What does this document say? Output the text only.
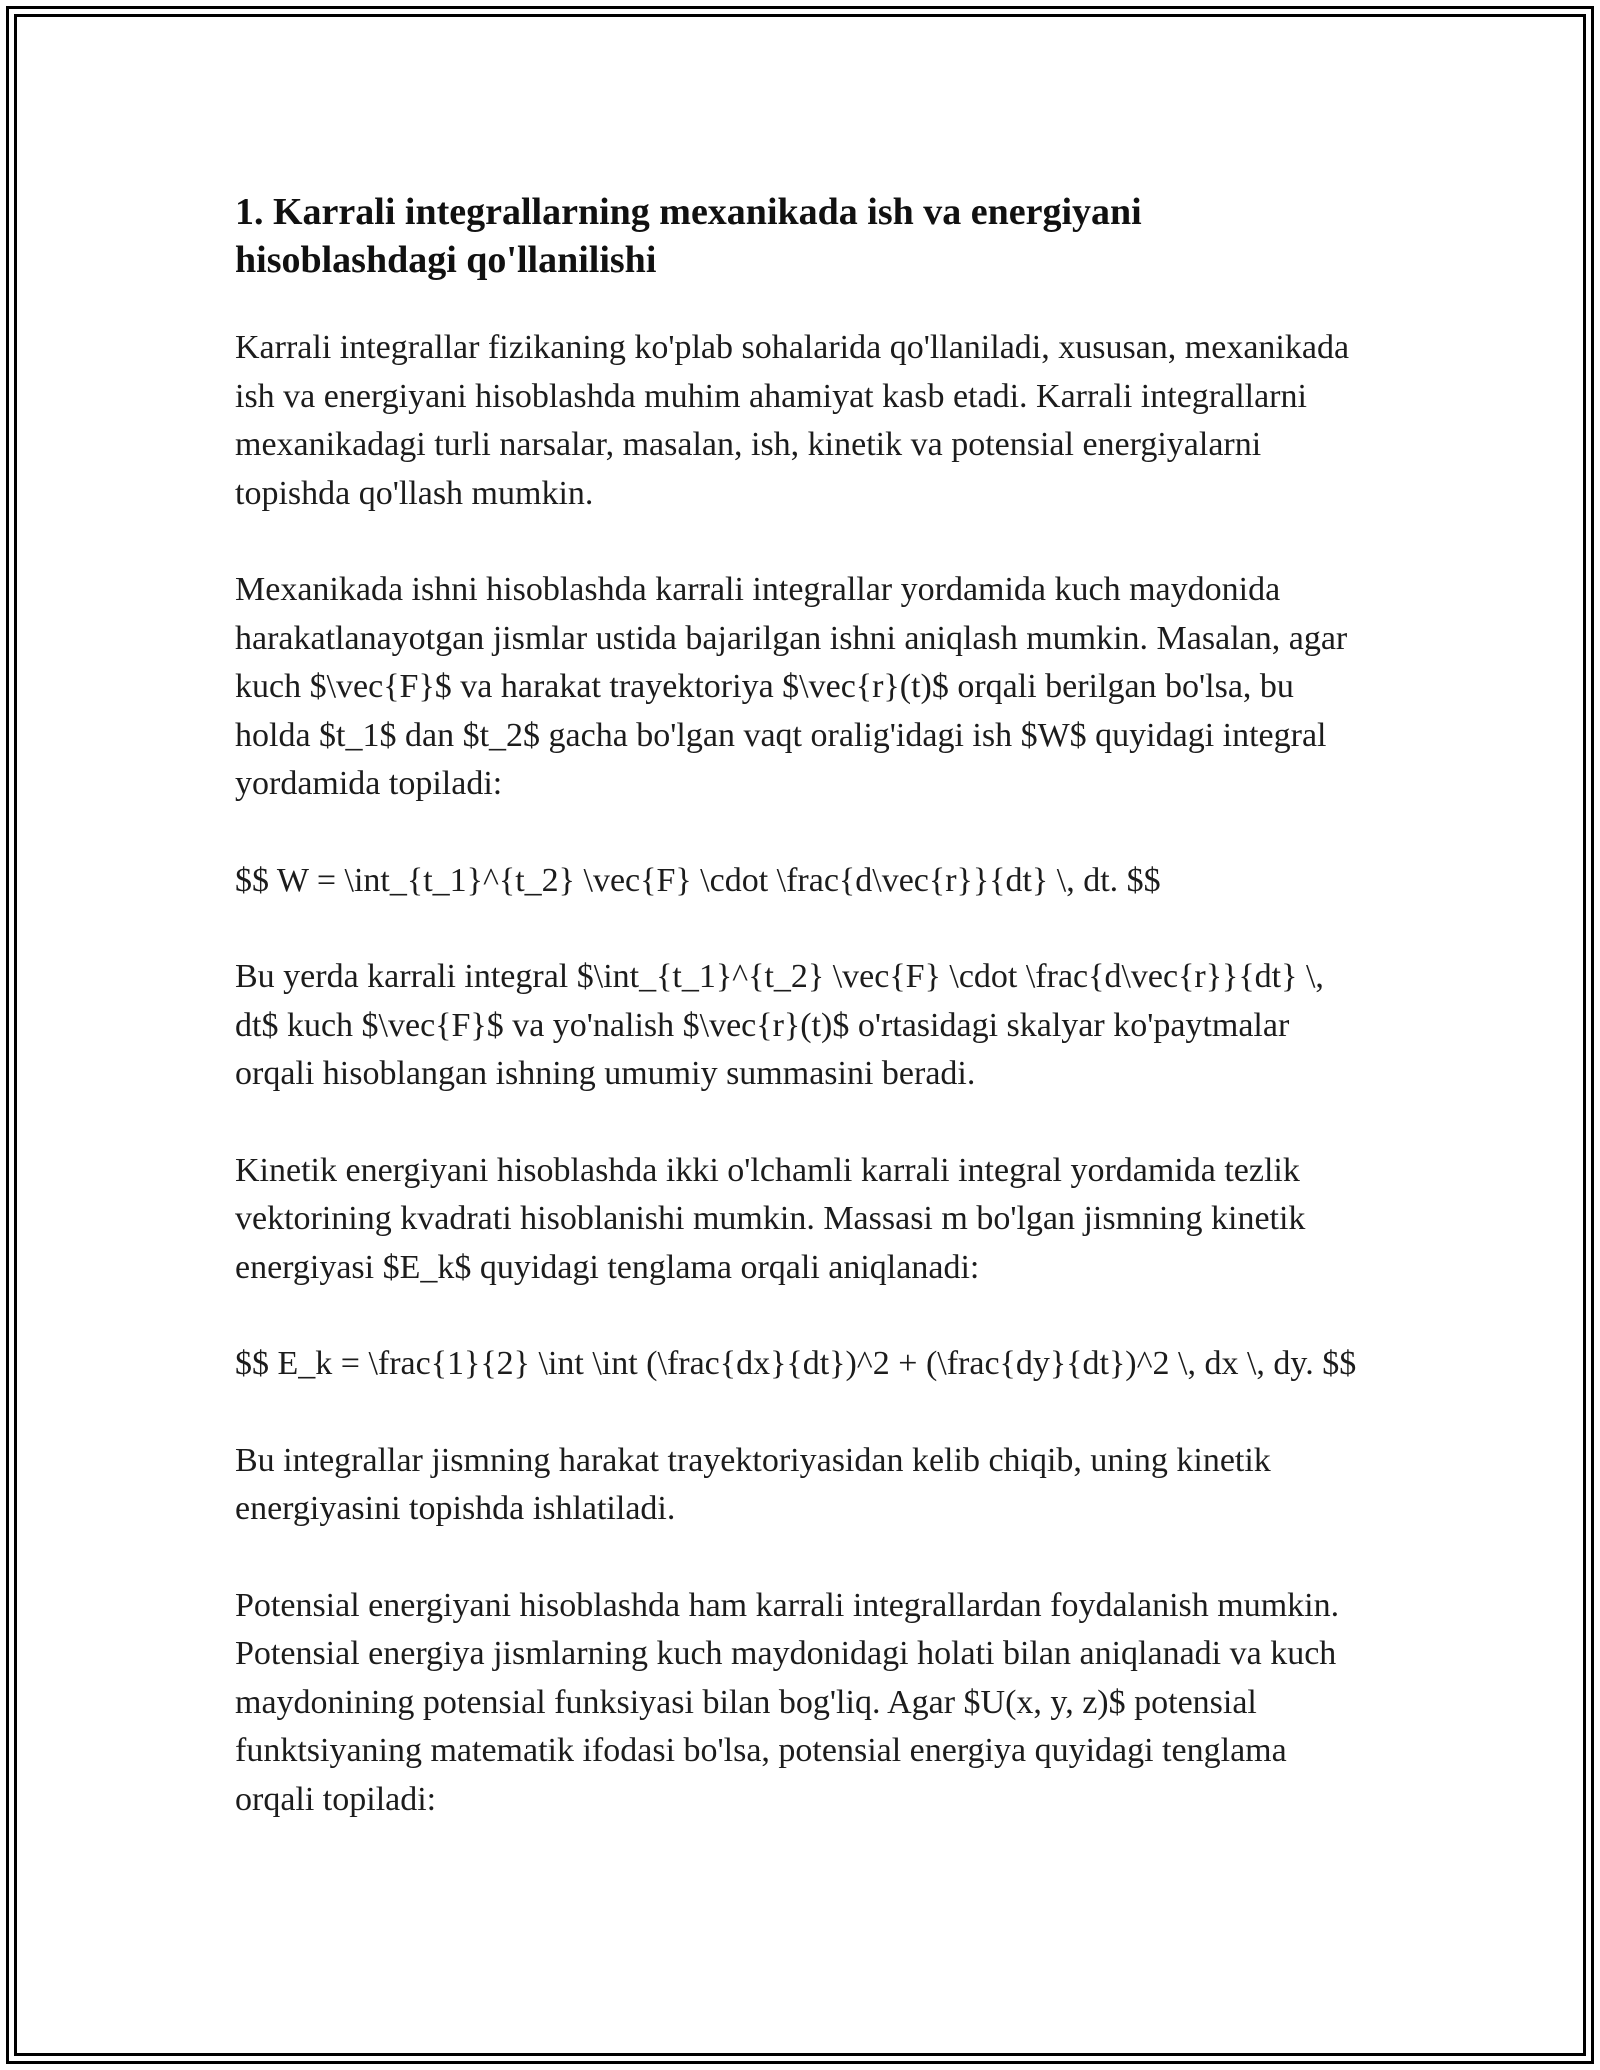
1. Karrali integrallarning mexanikada ish va energiyani hisoblashdagi qo'llanilishi

Karrali integrallar fizikaning ko'plab sohalarida qo'llaniladi, xususan, mexanikada ish va energiyani hisoblashda muhim ahamiyat kasb etadi. Karrali integrallarni mexanikadagi turli narsalar, masalan, ish, kinetik va potensial energiyalarni topishda qo'llash mumkin.

Mexanikada ishni hisoblashda karrali integrallar yordamida kuch maydonida harakatlanayotgan jismlar ustida bajarilgan ishni aniqlash mumkin. Masalan, agar kuch $\vec{F}$ va harakat trayektoriya $\vec{r}(t)$ orqali berilgan bo'lsa, bu holda $t_1$ dan $t_2$ gacha bo'lgan vaqt oralig'idagi ish $W$ quyidagi integral yordamida topiladi:

$$ W = \int_{t_1}^{t_2} \vec{F} \cdot \frac{d\vec{r}}{dt} \, dt. $$

Bu yerda karrali integral $\int_{t_1}^{t_2} \vec{F} \cdot \frac{d\vec{r}}{dt} \, dt$ kuch $\vec{F}$ va yo'nalish $\vec{r}(t)$ o'rtasidagi skalyar ko'paytmalar orqali hisoblangan ishning umumiy summasini beradi.

Kinetik energiyani hisoblashda ikki o'lchamli karrali integral yordamida tezlik vektorining kvadrati hisoblanishi mumkin. Massasi m bo'lgan jismning kinetik energiyasi $E_k$ quyidagi tenglama orqali aniqlanadi:

$$ E_k = \frac{1}{2} \int \int (\frac{dx}{dt})^2 + (\frac{dy}{dt})^2 \, dx \, dy. $$

Bu integrallar jismning harakat trayektoriyasidan kelib chiqib, uning kinetik energiyasini topishda ishlatiladi.

Potensial energiyani hisoblashda ham karrali integrallardan foydalanish mumkin. Potensial energiya jismlarning kuch maydonidagi holati bilan aniqlanadi va kuch maydonining potensial funksiyasi bilan bog'liq. Agar $U(x, y, z)$ potensial funktsiyaning matematik ifodasi bo'lsa, potensial energiya quyidagi tenglama orqali topiladi:
